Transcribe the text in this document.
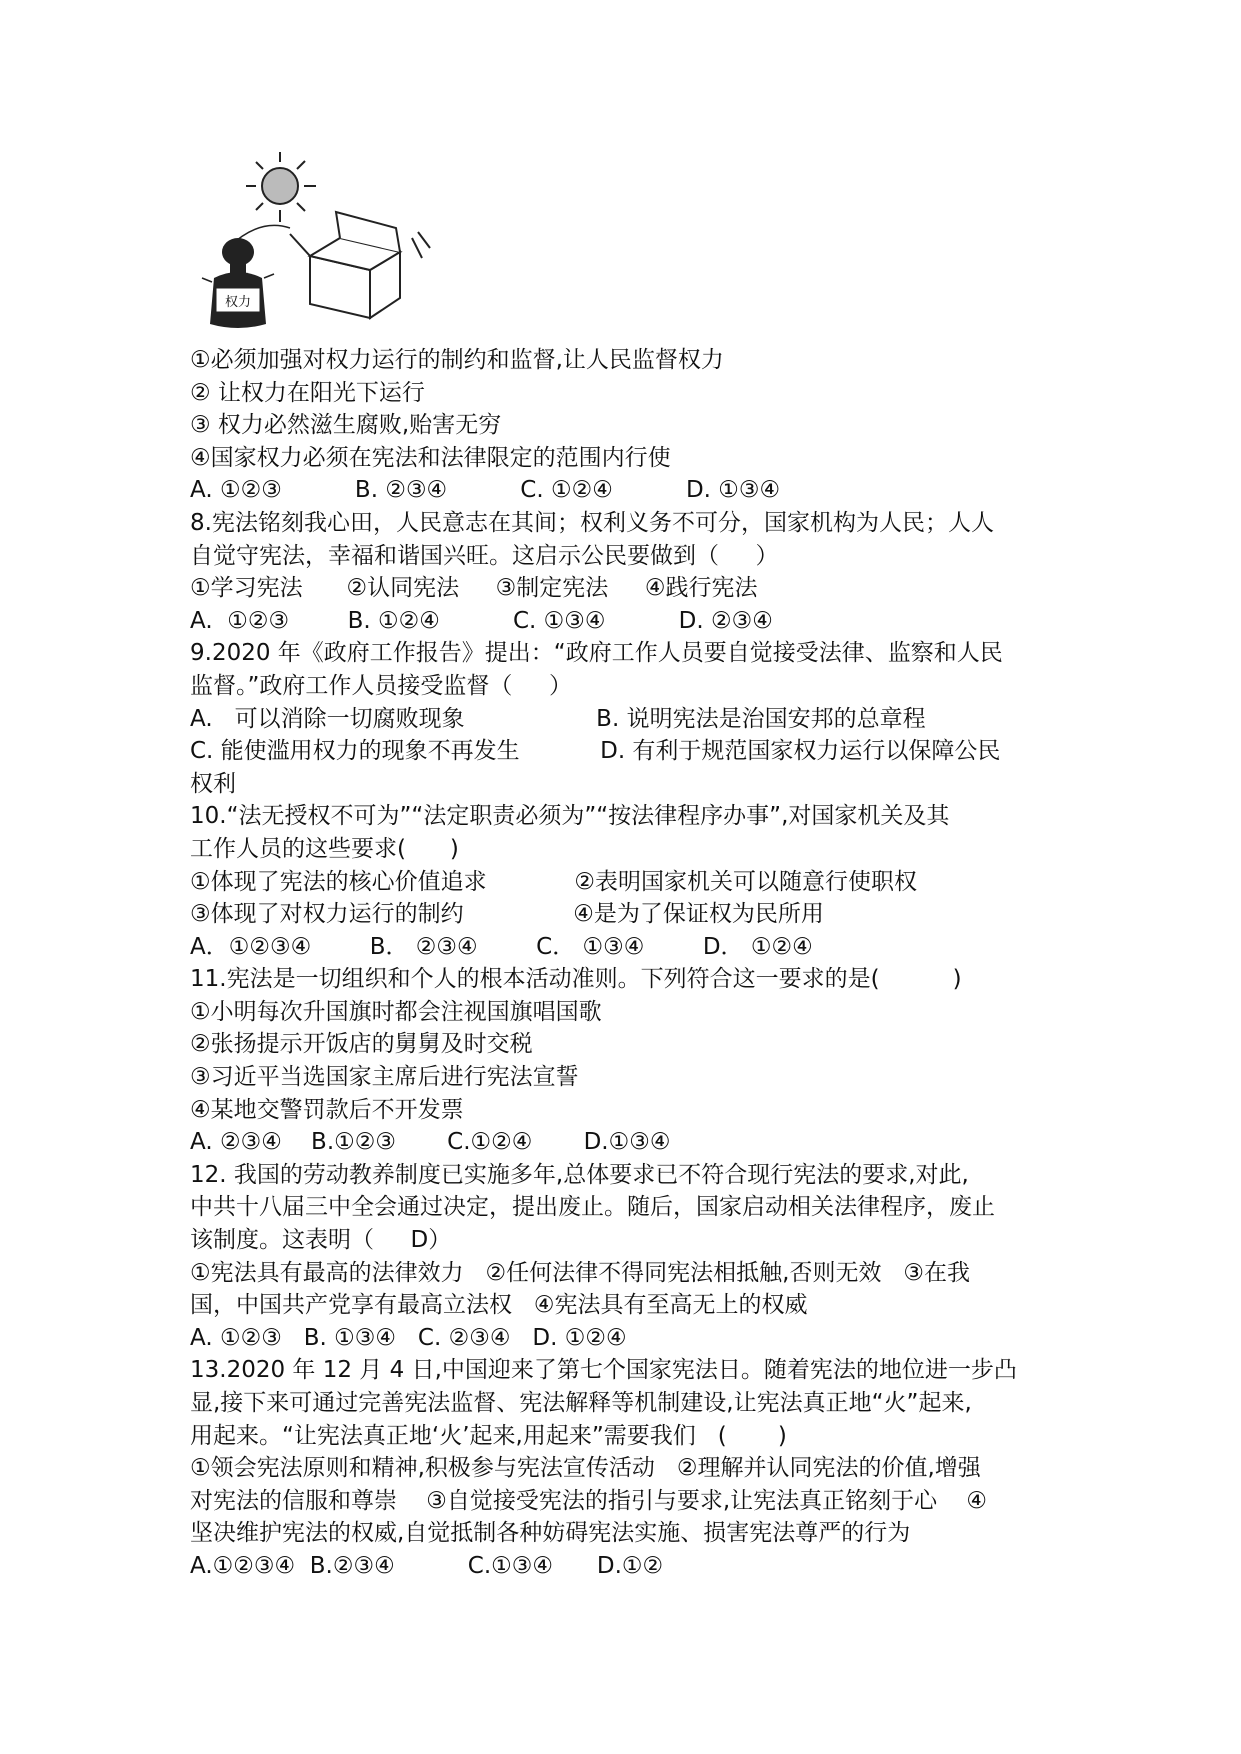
权力

①必须加强对权力运行的制约和监督,让人民监督权力

② 让权力在阳光下运行

③ 权力必然滋生腐败,贻害无穷

④国家权力必须在宪法和法律限定的范围内行使

A. ①②③          B. ②③④          C. ①②④          D. ①③④

8.宪法铭刻我心田，人民意志在其间；权利义务不可分，国家机构为人民；人人

自觉守宪法，幸福和谐国兴旺。这启示公民要做到（     ）

①学习宪法      ②认同宪法     ③制定宪法     ④践行宪法

A.  ①②③        B. ①②④          C. ①③④          D. ②③④

9.2020 年《政府工作报告》提出：“政府工作人员要自觉接受法律、监察和人民

监督。”政府工作人员接受监督（     ）

A.   可以消除一切腐败现象                  B. 说明宪法是治国安邦的总章程

C. 能使滥用权力的现象不再发生           D. 有利于规范国家权力运行以保障公民

权利

10.“法无授权不可为”“法定职责必须为”“按法律程序办事”,对国家机关及其

工作人员的这些要求(      )

①体现了宪法的核心价值追求            ②表明国家机关可以随意行使职权

③体现了对权力运行的制约               ④是为了保证权为民所用

A．①②③④        B． ②③④        C． ①③④        D． ①②④

11.宪法是一切组织和个人的根本活动准则。下列符合这一要求的是(          )

①小明每次升国旗时都会注视国旗唱国歌

②张扬提示开饭店的舅舅及时交税

③习近平当选国家主席后进行宪法宣誓

④某地交警罚款后不开发票

A. ②③④    B.①②③       C.①②④       D.①③④

12. 我国的劳动教养制度已实施多年,总体要求已不符合现行宪法的要求,对此,

中共十八届三中全会通过决定，提出废止。随后，国家启动相关法律程序，废止

该制度。这表明（     D）

①宪法具有最高的法律效力   ②任何法律不得同宪法相抵触,否则无效   ③在我

国，中国共产党享有最高立法权   ④宪法具有至高无上的权威

A. ①②③   B. ①③④   C. ②③④   D. ①②④

13.2020 年 12 月 4 日,中国迎来了第七个国家宪法日。随着宪法的地位进一步凸

显,接下来可通过完善宪法监督、宪法解释等机制建设,让宪法真正地“火”起来,

用起来。“让宪法真正地‘火’起来,用起来”需要我们   (       )

①领会宪法原则和精神,积极参与宪法宣传活动   ②理解并认同宪法的价值,增强

对宪法的信服和尊崇    ③自觉接受宪法的指引与要求,让宪法真正铭刻于心    ④

坚决维护宪法的权威,自觉抵制各种妨碍宪法实施、损害宪法尊严的行为

A.①②③④  B.②③④          C.①③④      D.①②
